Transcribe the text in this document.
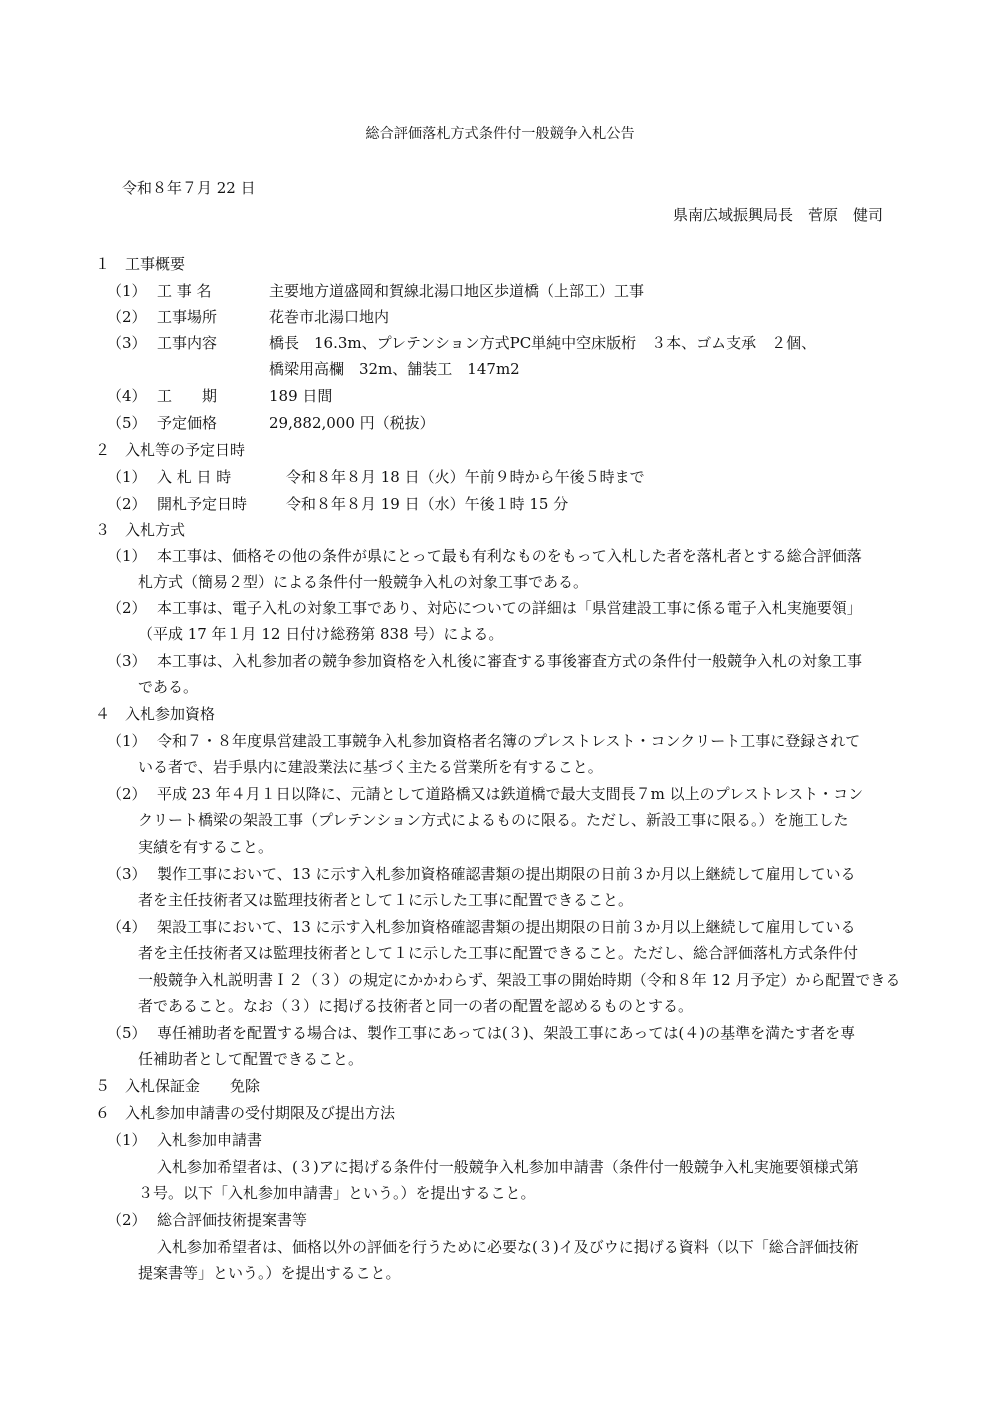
総合評価落札方式条件付一般競争入札公告
令和８年７月 22 日
県南広域振興局長　菅原　健司
１　工事概要
（1） 工 事 名	主要地方道盛岡和賀線北湯口地区歩道橋（上部工）工事
（2） 工事場所	花巻市北湯口地内
（3） 工事内容	橋長　16.3m、プレテンション方式PC単純中空床版桁　３本、ゴム支承　２個、
橋梁用高欄　32m、舗装工　147m2
（4） 工　　期	189 日間
（5） 予定価格	29,882,000 円（税抜）
２　入札等の予定日時
（1） 入 札 日 時	令和８年８月 18 日（火）午前９時から午後５時まで
（2） 開札予定日時	令和８年８月 19 日（水）午後１時 15 分
３　入札方式
（1） 本工事は、価格その他の条件が県にとって最も有利なものをもって入札した者を落札者とする総合評価落
札方式（簡易２型）による条件付一般競争入札の対象工事である。
（2） 本工事は、電子入札の対象工事であり、対応についての詳細は「県営建設工事に係る電子入札実施要領」
（平成 17 年１月 12 日付け総務第 838 号）による。
（3） 本工事は、入札参加者の競争参加資格を入札後に審査する事後審査方式の条件付一般競争入札の対象工事
である。
４　入札参加資格
（1） 令和７・８年度県営建設工事競争入札参加資格者名簿のプレストレスト・コンクリート工事に登録されて
いる者で、岩手県内に建設業法に基づく主たる営業所を有すること。
（2） 平成 23 年４月１日以降に、元請として道路橋又は鉄道橋で最大支間長７m 以上のプレストレスト・コン
クリート橋梁の架設工事（プレテンション方式によるものに限る。ただし、新設工事に限る。）を施工した
実績を有すること。
（3） 製作工事において、13 に示す入札参加資格確認書類の提出期限の日前３か月以上継続して雇用している
者を主任技術者又は監理技術者として１に示した工事に配置できること。
（4） 架設工事において、13 に示す入札参加資格確認書類の提出期限の日前３か月以上継続して雇用している
者を主任技術者又は監理技術者として１に示した工事に配置できること。ただし、総合評価落札方式条件付
一般競争入札説明書Ｉ２（３）の規定にかかわらず、架設工事の開始時期（令和８年 12 月予定）から配置できる
者であること。なお（３）に掲げる技術者と同一の者の配置を認めるものとする。
（5） 専任補助者を配置する場合は、製作工事にあっては(３)、架設工事にあっては(４)の基準を満たす者を専
任補助者として配置できること。
５　入札保証金　　免除
６　入札参加申請書の受付期限及び提出方法
（1） 入札参加申請書
入札参加希望者は、(３)アに掲げる条件付一般競争入札参加申請書（条件付一般競争入札実施要領様式第
３号。以下「入札参加申請書」という。）を提出すること。
（2） 総合評価技術提案書等
入札参加希望者は、価格以外の評価を行うために必要な(３)イ及びウに掲げる資料（以下「総合評価技術
提案書等」という。）を提出すること。
